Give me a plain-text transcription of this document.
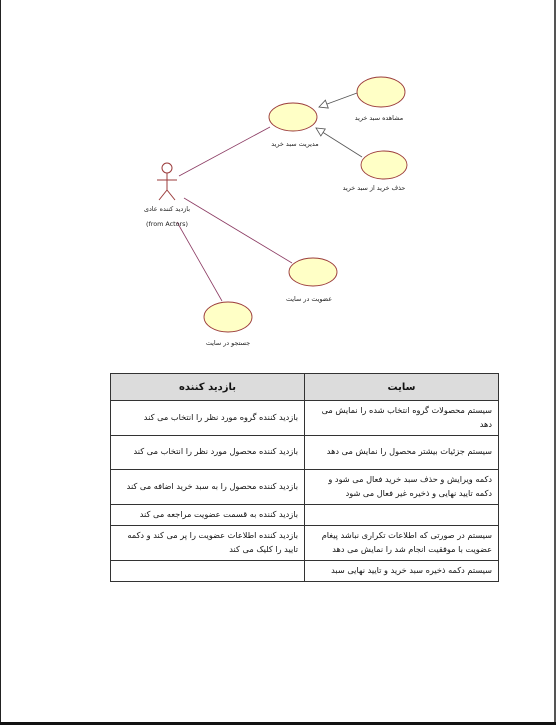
بازدید کننده عادی
(from Actors)
مدیریت سبد خرید
مشاهده سبد خرید
حذف خرید از سبد خرید
عضویت در سایت
جستجو در سایت
سایت	بازدید کننده
سیستم محصولات گروه انتخاب شده را نمایش می دهد	بازدید کننده گروه مورد نظر را انتخاب می کند
سیستم جزئیات بیشتر محصول را نمایش می دهد	بازدید کننده محصول مورد نظر را انتخاب می کند
دکمه ویرایش و حذف سبد خرید فعال می شود و دکمه تایید نهایی و ذخیره غیر فعال می شود	بازدید کننده محصول را به سبد خرید اضافه می کند
	بازدید کننده به قسمت عضویت مراجعه می کند
سیستم در صورتی که اطلاعات تکراری نباشد پیغام عضویت با موفقیت انجام شد را نمایش می دهد	بازدید کننده اطلاعات عضویت را پر می کند و دکمه تایید را کلیک می کند
سیستم دکمه ذخیره سبد خرید و تایید نهایی سبد	
